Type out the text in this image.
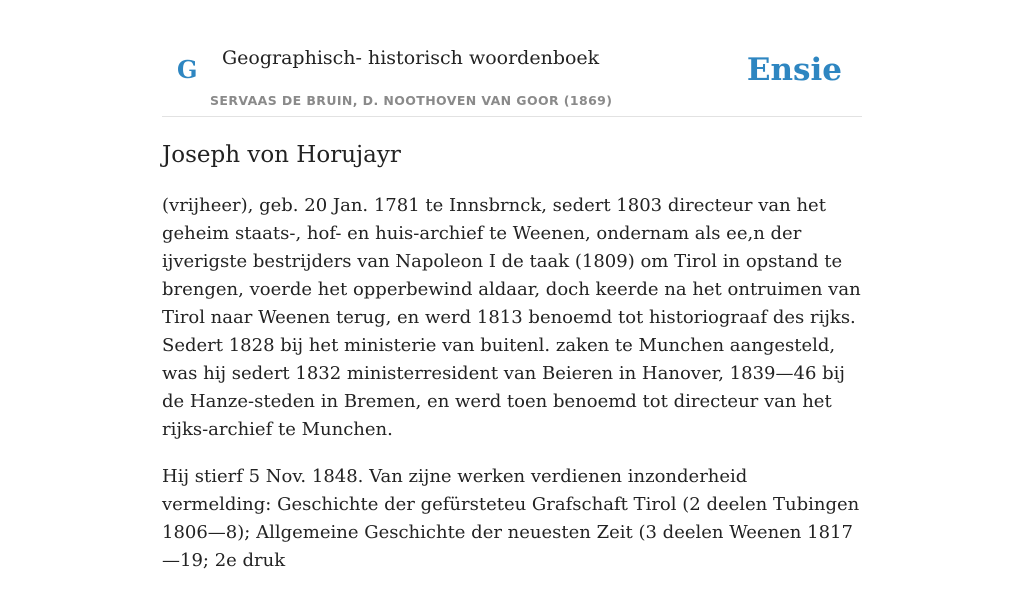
G Geographisch- historisch woordenboek
SERVAAS DE BRUIN, D. NOOTHOVEN VAN GOOR (1869)
Ensie
Joseph von Horujayr

(vrijheer), geb. 20 Jan. 1781 te Innsbrnck, sedert 1803 directeur van het geheim staats-, hof- en huis-archief te Weenen, ondernam als ee,n der ijverigste bestrijders van Napoleon I de taak (1809) om Tirol in opstand te brengen, voerde het opperbewind aldaar, doch keerde na het ontruimen van Tirol naar Weenen terug, en werd 1813 benoemd tot historiograaf des rijks. Sedert 1828 bij het ministerie van buitenl. zaken te Munchen aangesteld, was hij sedert 1832 ministerresident van Beieren in Hanover, 1839—46 bij de Hanze-steden in Bremen, en werd toen benoemd tot directeur van het rijks-archief te Munchen.

Hij stierf 5 Nov. 1848. Van zijne werken verdienen inzonderheid vermelding: Geschichte der gefürsteteu Grafschaft Tirol (2 deelen Tubingen 1806—8); Allgemeine Geschichte der neuesten Zeit (3 deelen Weenen 1817—19; 2e druk
